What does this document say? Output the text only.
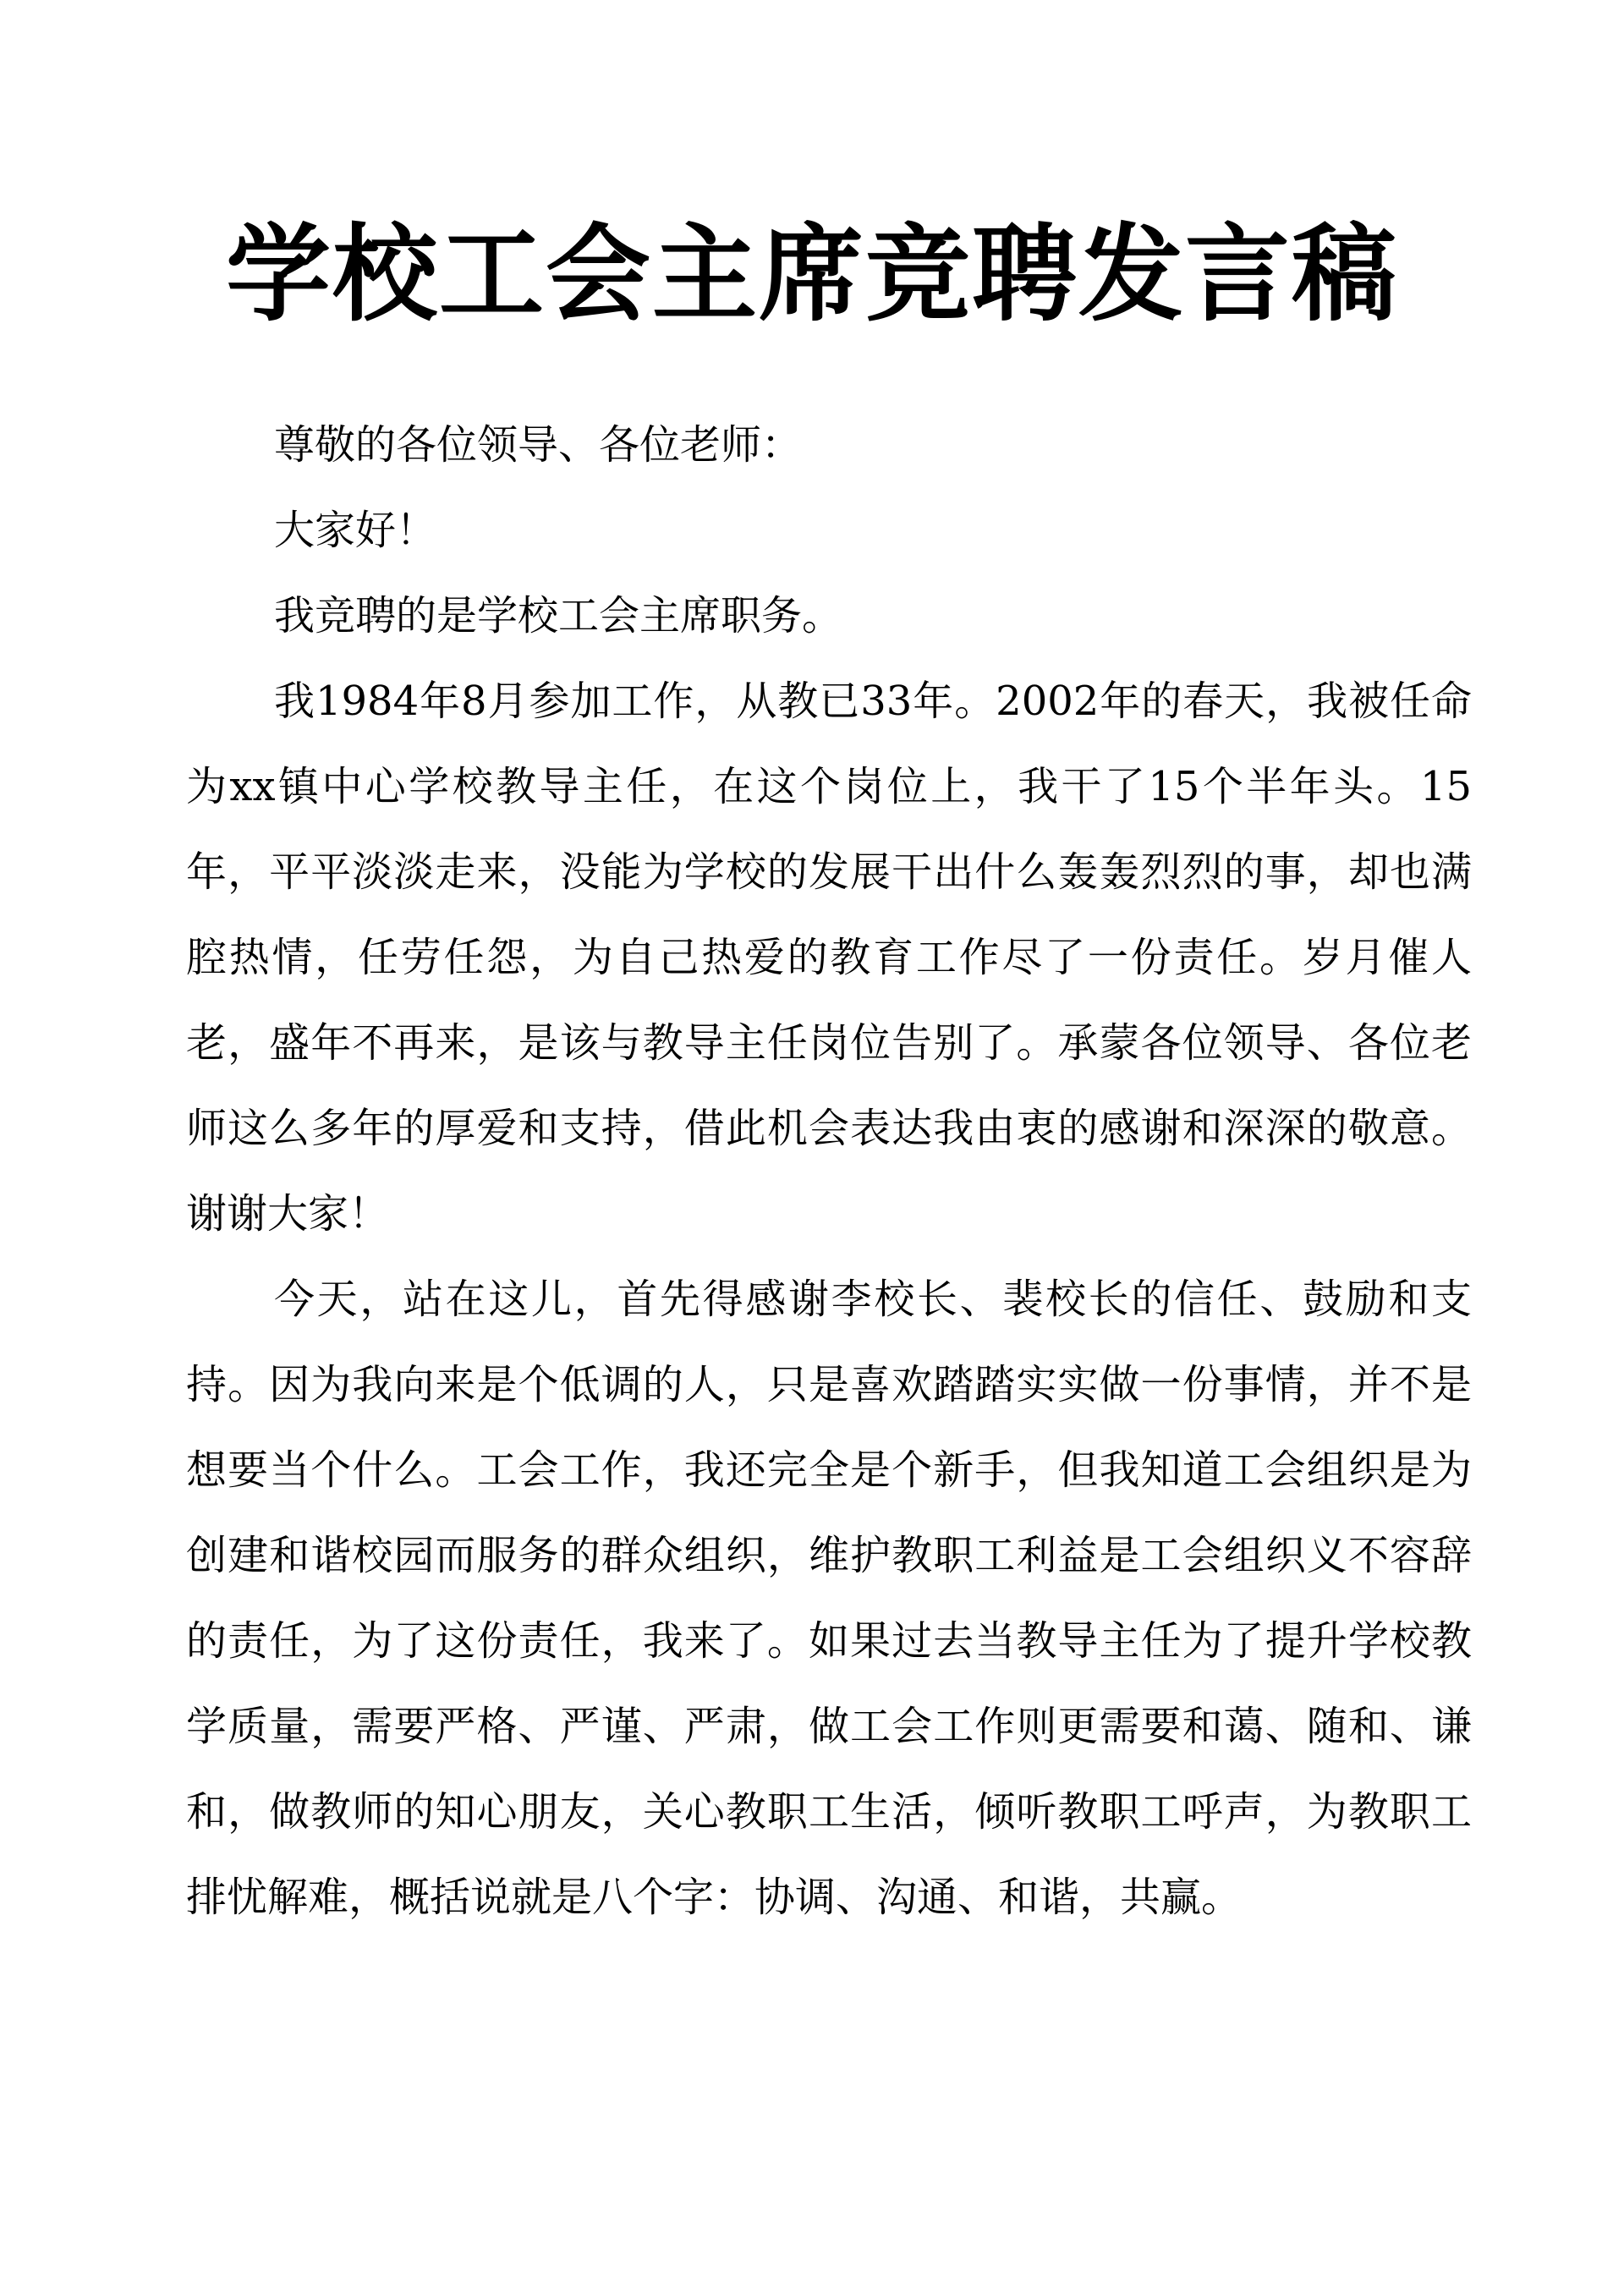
学校工会主席竞聘发言稿

尊敬的各位领导、各位老师：

大家好！

我竞聘的是学校工会主席职务。

我1984年8月参加工作，从教已33年。2002年的春天，我被任命为xx镇中心学校教导主任，在这个岗位上，我干了15个半年头。15年，平平淡淡走来，没能为学校的发展干出什么轰轰烈烈的事，却也满腔热情，任劳任怨，为自己热爱的教育工作尽了一份责任。岁月催人老，盛年不再来，是该与教导主任岗位告别了。承蒙各位领导、各位老师这么多年的厚爱和支持，借此机会表达我由衷的感谢和深深的敬意。谢谢大家！

今天，站在这儿，首先得感谢李校长、裴校长的信任、鼓励和支持。因为我向来是个低调的人，只是喜欢踏踏实实做一份事情，并不是想要当个什么。工会工作，我还完全是个新手，但我知道工会组织是为创建和谐校园而服务的群众组织，维护教职工利益是工会组织义不容辞的责任，为了这份责任，我来了。如果过去当教导主任为了提升学校教学质量，需要严格、严谨、严肃，做工会工作则更需要和蔼、随和、谦和，做教师的知心朋友，关心教职工生活，倾听教职工呼声，为教职工排忧解难，概括说就是八个字：协调、沟通、和谐，共赢。
